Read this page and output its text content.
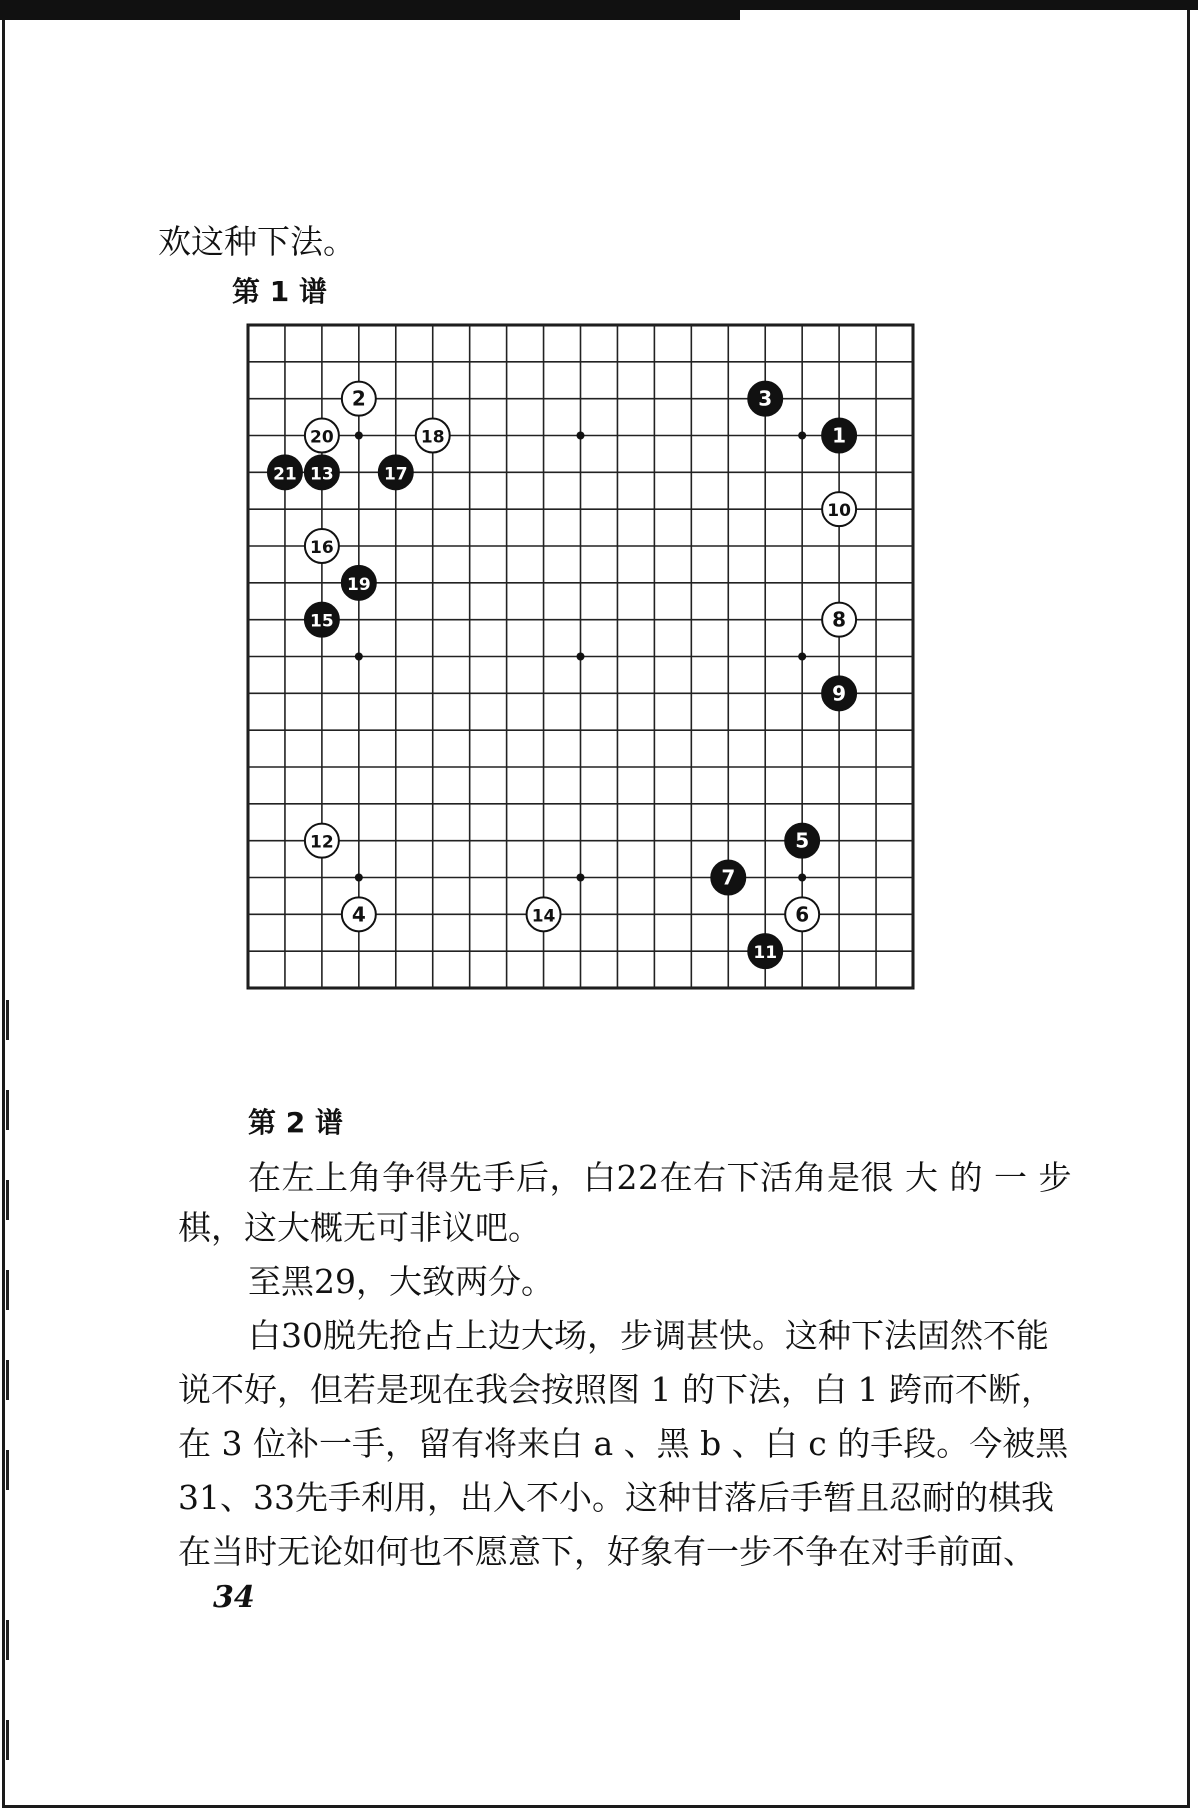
欢这种下法。
第 1 谱
2	3
4
5
6
7
8
9
10
11
12
13
14
15
16
17
18
19
20
21
1
第 2 谱
在左上角争得先手后，白22在右下活角是很 大 的 一 步
棋，这大概无可非议吧。
至黑29，大致两分。
白30脱先抢占上边大场，步调甚快。这种下法固然不能
说不好，但若是现在我会按照图 1 的下法，白 1 跨而不断，
在 3 位补一手，留有将来白 a 、黑 b 、白 c 的手段。今被黑
31、33先手利用，出入不小。这种甘落后手暂且忍耐的棋我
在当时无论如何也不愿意下，好象有一步不争在对手前面、
34
